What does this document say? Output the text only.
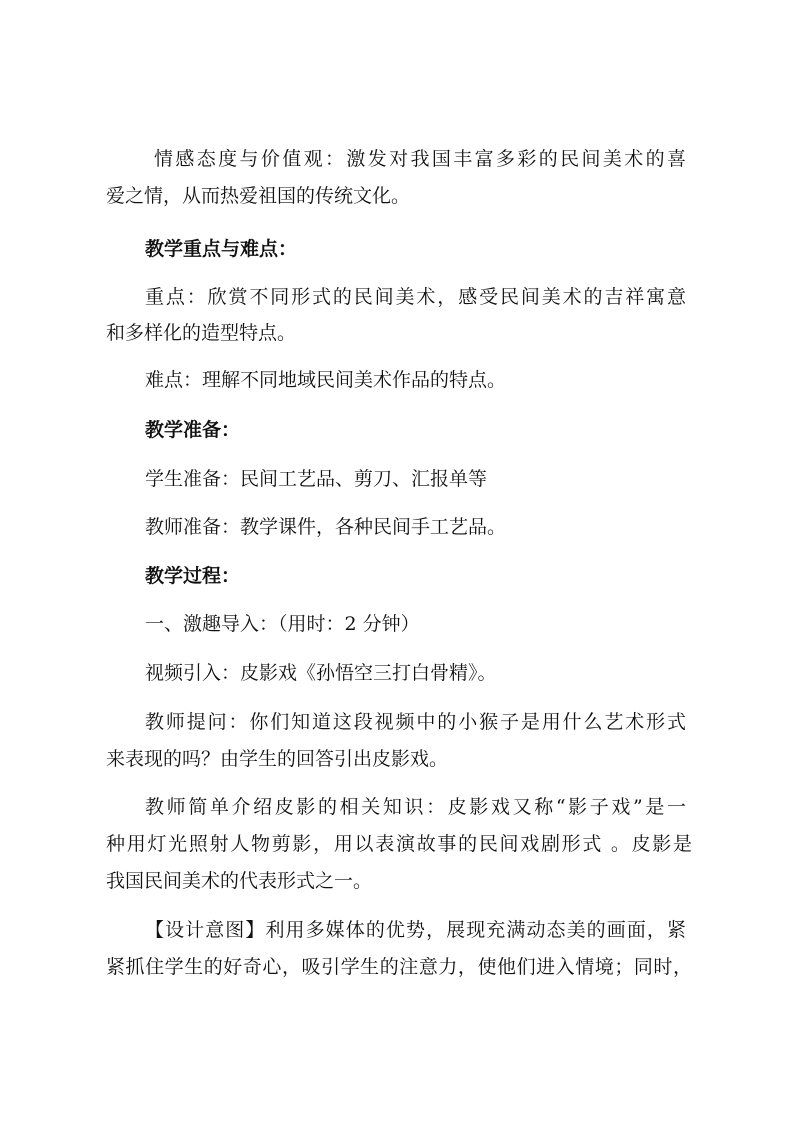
情感态度与价值观：激发对我国丰富多彩的民间美术的喜
爱之情，从而热爱祖国的传统文化。
教学重点与难点：
重点：欣赏不同形式的民间美术，感受民间美术的吉祥寓意
和多样化的造型特点。
难点：理解不同地域民间美术作品的特点。
教学准备：
学生准备：民间工艺品、剪刀、汇报单等
教师准备：教学课件，各种民间手工艺品。
教学过程：
一、激趣导入：（用时：2 分钟）
视频引入：皮影戏《孙悟空三打白骨精》。
教师提问：你们知道这段视频中的小猴子是用什么艺术形式
来表现的吗？由学生的回答引出皮影戏。
教师简单介绍皮影的相关知识：皮影戏又称“影子戏”是一
种用灯光照射人物剪影，用以表演故事的民间戏剧形式 。皮影是
我国民间美术的代表形式之一。
【设计意图】利用多媒体的优势，展现充满动态美的画面，紧
紧抓住学生的好奇心，吸引学生的注意力，使他们进入情境；同时，
